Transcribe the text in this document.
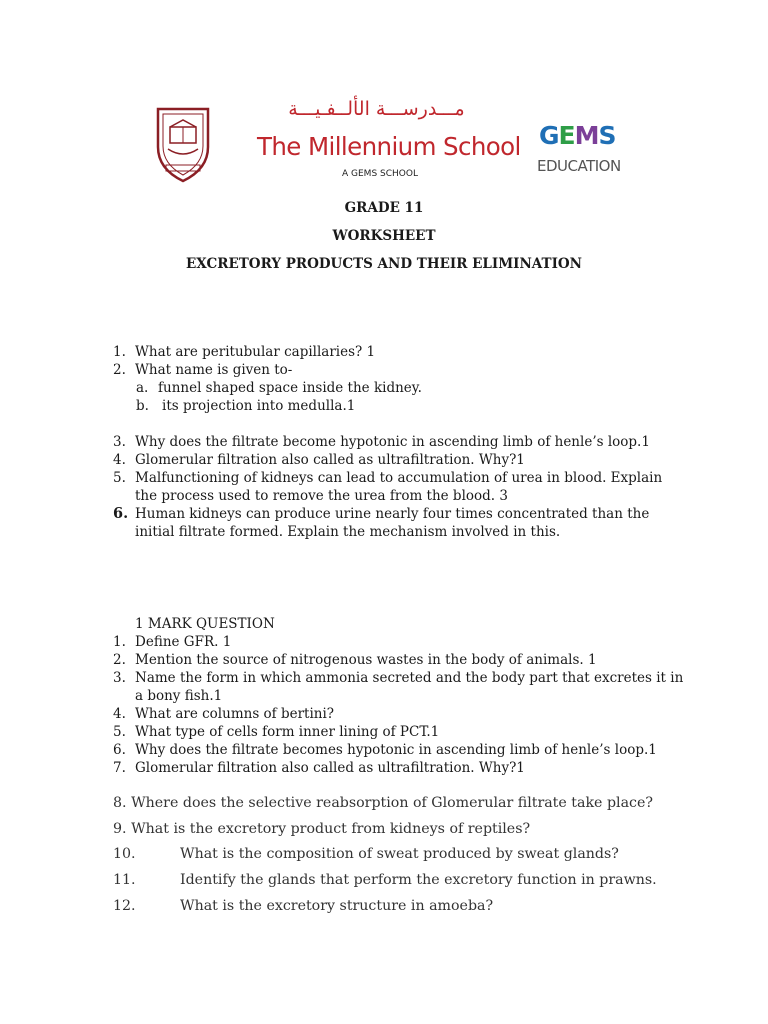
مـــدرســـة الألــفـيـــة
The Millennium School
A GEMS SCHOOL
GEMS
EDUCATION
GRADE 11
WORKSHEET
EXCRETORY PRODUCTS AND THEIR ELIMINATION
1. What are peritubular capillaries? 1
2. What name is given to-
a. funnel shaped space inside the kidney.
b. its projection into medulla.1
3. Why does the filtrate become hypotonic in ascending limb of henle’s loop.1
4. Glomerular filtration also called as ultrafiltration. Why?1
5. Malfunctioning of kidneys can lead to accumulation of urea in blood. Explain
the process used to remove the urea from the blood. 3
6. Human kidneys can produce urine nearly four times concentrated than the
initial filtrate formed. Explain the mechanism involved in this.
1 MARK QUESTION
1. Define GFR. 1
2. Mention the source of nitrogenous wastes in the body of animals. 1
3. Name the form in which ammonia secreted and the body part that excretes it in
a bony fish.1
4. What are columns of bertini?
5. What type of cells form inner lining of PCT.1
6. Why does the filtrate becomes hypotonic in ascending limb of henle’s loop.1
7. Glomerular filtration also called as ultrafiltration. Why?1
8. Where does the selective reabsorption of Glomerular filtrate take place?
9. What is the excretory product from kidneys of reptiles?
10.	What is the composition of sweat produced by sweat glands?
11.	Identify the glands that perform the excretory function in prawns.
12.	What is the excretory structure in amoeba?
